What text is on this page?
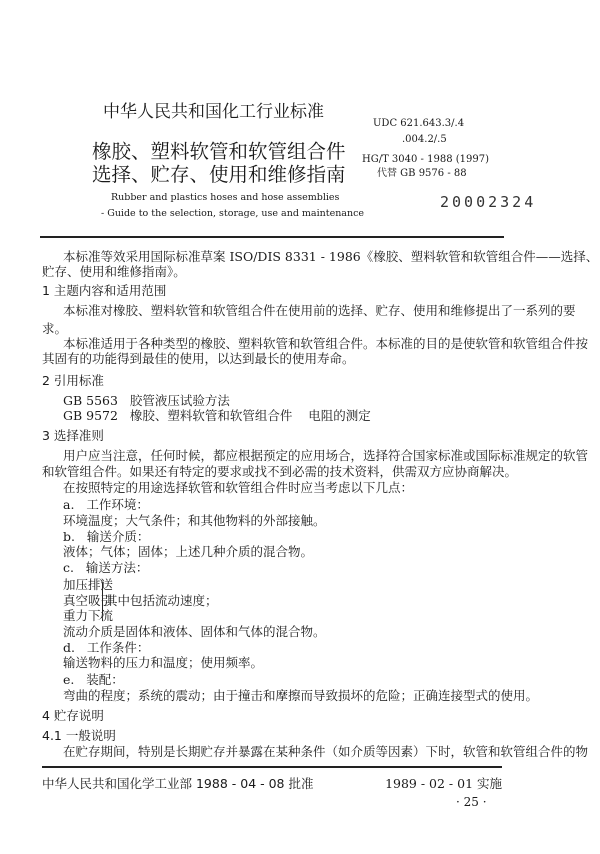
中华人民共和国化工行业标准
UDC 621.643.3/.4
.004.2/.5
橡胶、塑料软管和软管组合件
选择、贮存、使用和维修指南
HG/T 3040 - 1988 (1997)
代替 GB 9576 - 88
20002324
Rubber and plastics hoses and hose assemblies
- Guide to the selection, storage, use and maintenance
本标准等效采用国际标准草案 ISO/DIS 8331 - 1986《橡胶、塑料软管和软管组合件——选择、
贮存、使用和维修指南》。
1 主题内容和适用范围
本标准对橡胶、塑料软管和软管组合件在使用前的选择、贮存、使用和维修提出了一系列的要
求。
本标准适用于各种类型的橡胶、塑料软管和软管组合件。本标准的目的是使软管和软管组合件按
其固有的功能得到最佳的使用，以达到最长的使用寿命。
2 引用标准
GB 5563   胶管液压试验方法
GB 9572   橡胶、塑料软管和软管组合件    电阻的测定
3 选择准则
用户应当注意，任何时候，都应根据预定的应用场合，选择符合国家标准或国际标准规定的软管
和软管组合件。如果还有特定的要求或找不到必需的技术资料，供需双方应协商解决。
在按照特定的用途选择软管和软管组合件时应当考虑以下几点：
a.   工作环境：
环境温度；大气条件；和其他物料的外部接触。
b.   输送介质：
液体；气体；固体；上述几种介质的混合物。
c.   输送方法：
加压排送
真空吸引
重力下流
其中包括流动速度；
流动介质是固体和液体、固体和气体的混合物。
d.   工作条件：
输送物料的压力和温度；使用频率。
e.   装配：
弯曲的程度；系统的震动；由于撞击和摩擦而导致损坏的危险；正确连接型式的使用。
4 贮存说明
4.1 一般说明
在贮存期间，特别是长期贮存并暴露在某种条件（如介质等因素）下时，软管和软管组合件的物
中华人民共和国化学工业部 1988 - 04 - 08 批准	1989 - 02 - 01 实施
· 25 ·
